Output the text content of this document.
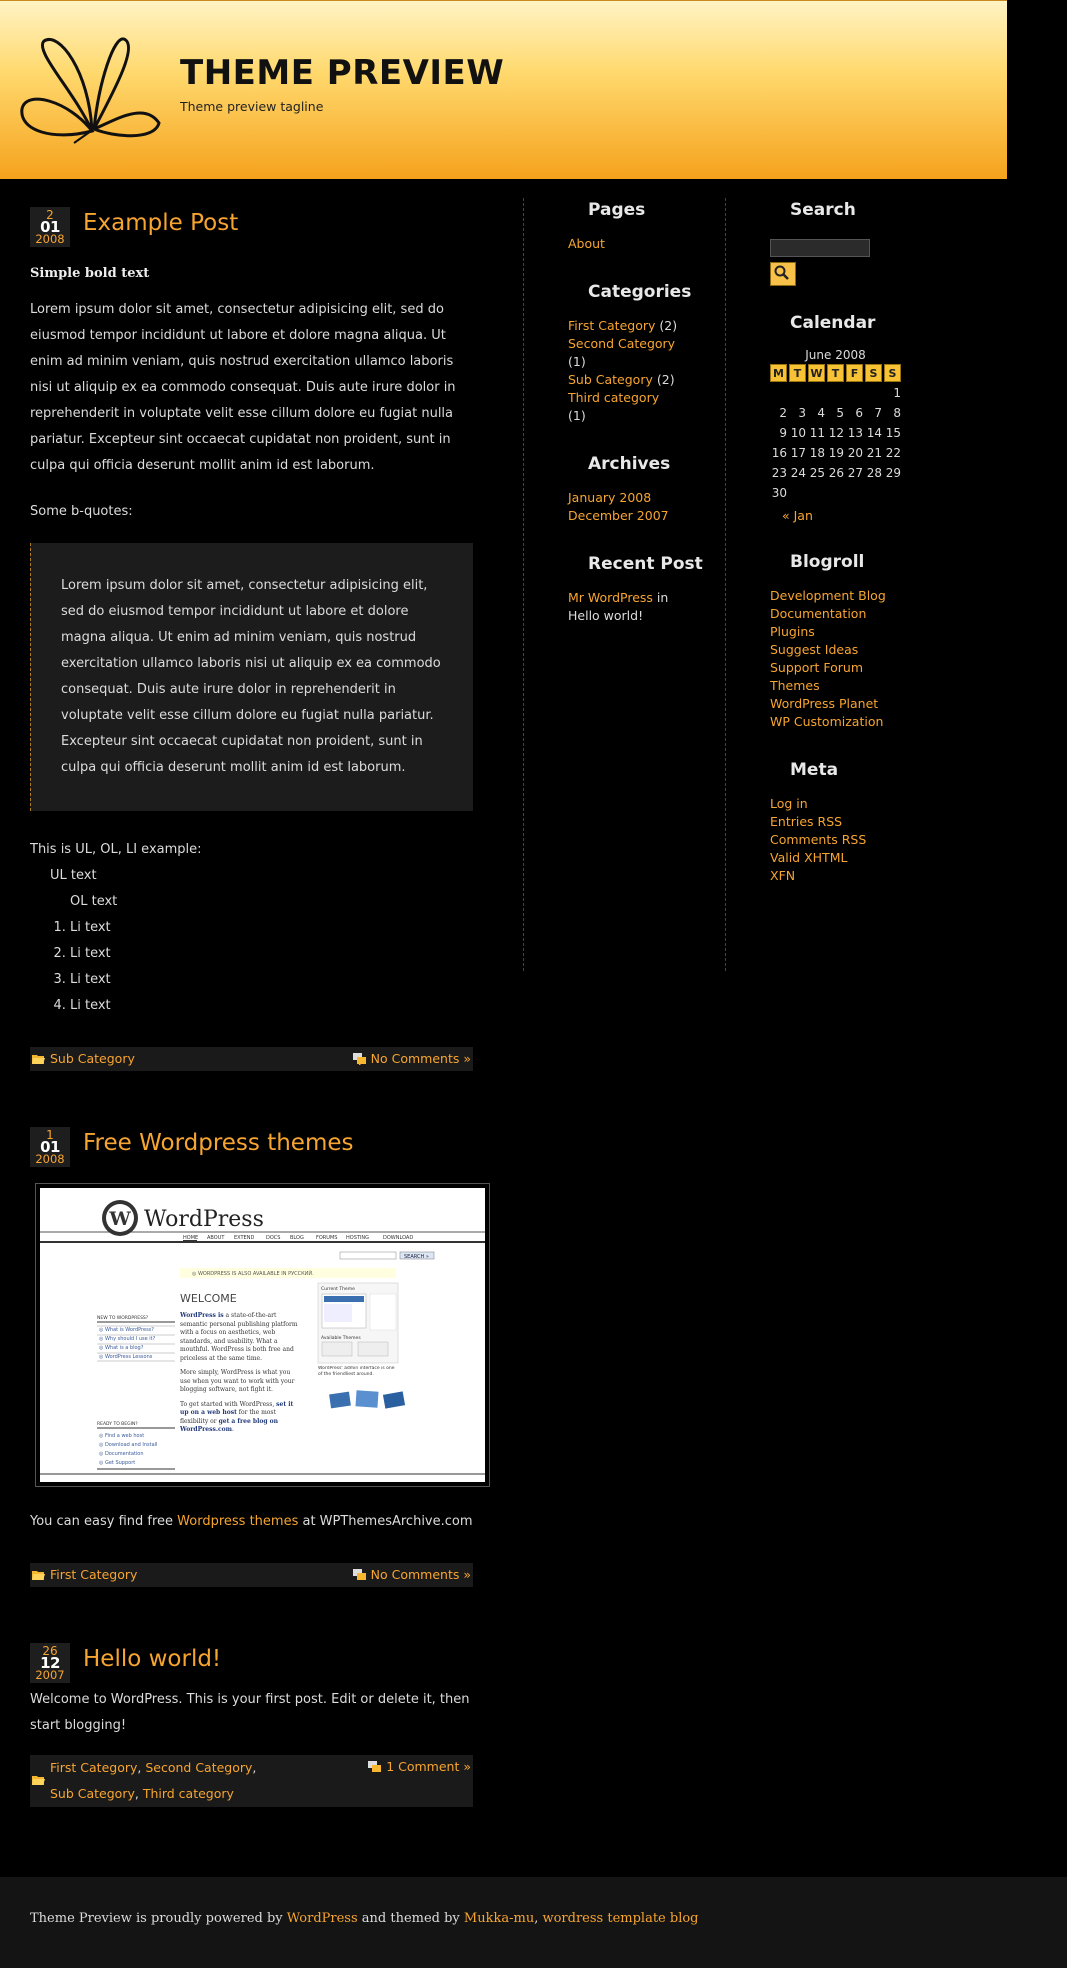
THEME PREVIEW
Theme preview tagline
2
01
2008
Example Post

Simple bold text

Lorem ipsum dolor sit amet, consectetur adipisicing elit, sed do eiusmod tempor incididunt ut labore et dolore magna aliqua. Ut enim ad minim veniam, quis nostrud exercitation ullamco laboris nisi ut aliquip ex ea commodo consequat. Duis aute irure dolor in reprehenderit in voluptate velit esse cillum dolore eu fugiat nulla pariatur. Excepteur sint occaecat cupidatat non proident, sunt in culpa qui officia deserunt mollit anim id est laborum.

Some b-quotes:

Lorem ipsum dolor sit amet, consectetur adipisicing elit, sed do eiusmod tempor incididunt ut labore et dolore magna aliqua. Ut enim ad minim veniam, quis nostrud exercitation ullamco laboris nisi ut aliquip ex ea commodo consequat. Duis aute irure dolor in reprehenderit in voluptate velit esse cillum dolore eu fugiat nulla pariatur. Excepteur sint occaecat cupidatat non proident, sunt in culpa qui officia deserunt mollit anim id est laborum.

This is UL, OL, LI example:

UL text
OL text
1. Li text
2. Li text
3. Li text
4. Li text
Sub Category	No Comments »
1
01
2008
Free Wordpress themes
W WordPress
HOME ABOUT EXTEND DOCS BLOG FORUMS HOSTING	DOWNLOAD
SEARCH »
◎ WORDPRESS IS ALSO AVAILABLE IN РУССКИЙ.
WELCOME
NEW TO WORDPRESS?
◎ What is WordPress?
◎ Why should I use it?
◎ What is a blog?
◎ WordPress Lessons
READY TO BEGIN?
◎ Find a web host
◎ Download and Install
◎ Documentation
◎ Get Support
WordPress is a state-of-the-art semantic personal publishing platform with a focus on aesthetics, web standards, and usability. What a mouthful. WordPress is both free and priceless at the same time.
More simply, WordPress is what you use when you want to work with your blogging software, not fight it.
To get started with WordPress, set it up on a web host for the most flexibility or get a free blog on WordPress.com.
Current Theme
Available Themes
WordPress' admin interface is one of the friendliest around.

You can easy find free Wordpress themes at WPThemesArchive.com

First Category	No Comments »
26
12
2007
Hello world!

Welcome to WordPress. This is your first post. Edit or delete it, then start blogging!

First Category, Second Category, Sub Category, Third category
1 Comment »
Pages
About
Categories
First Category (2)
Second Category (1)
Sub Category (2)
Third category (1)
Archives
January 2008
December 2007
Recent Post
Mr WordPress in
Hello world!
Search
Calendar
June 2008
M	T	W	T	F	S	S
						1
2	3	4	5	6	7	8
9	10	11	12	13	14	15
16	17	18	19	20	21	22
23	24	25	26	27	28	29
30						
« Jan
Blogroll
Development Blog
Documentation
Plugins
Suggest Ideas
Support Forum
Themes
WordPress Planet
WP Customization
Meta
Log in
Entries RSS
Comments RSS
Valid XHTML
XFN

Theme Preview is proudly powered by WordPress and themed by Mukka-mu, wordress template blog
